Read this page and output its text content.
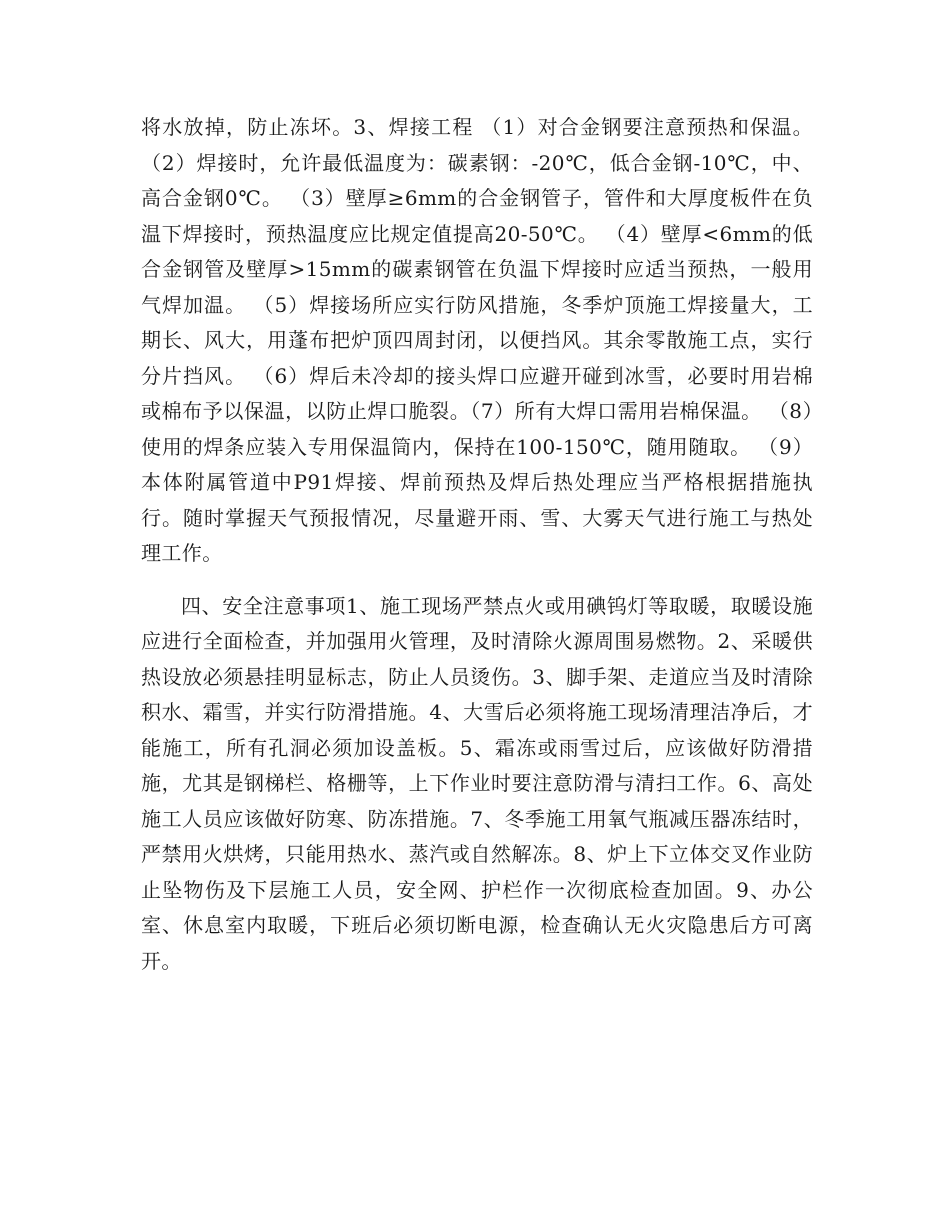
将水放掉，防止冻坏。3、焊接工程 （1）对合金钢要注意预热和保温。 （2）焊接时，允许最低温度为：碳素钢：-20℃，低合金钢-10℃，中、高合金钢0℃。 （3）壁厚≥6mm的合金钢管子，管件和大厚度板件在负温下焊接时，预热温度应比规定值提高20-50℃。 （4）壁厚<6mm的低合金钢管及壁厚>15mm的碳素钢管在负温下焊接时应适当预热，一般用气焊加温。 （5）焊接场所应实行防风措施，冬季炉顶施工焊接量大，工期长、风大，用蓬布把炉顶四周封闭，以便挡风。其余零散施工点，实行分片挡风。 （6）焊后未冷却的接头焊口应避开碰到冰雪，必要时用岩棉或棉布予以保温，以防止焊口脆裂。（7）所有大焊口需用岩棉保温。 （8）使用的焊条应装入专用保温筒内，保持在100-150℃，随用随取。 （9）本体附属管道中P91焊接、焊前预热及焊后热处理应当严格根据措施执行。随时掌握天气预报情况，尽量避开雨、雪、大雾天气进行施工与热处理工作。

四、安全注意事项1、施工现场严禁点火或用碘钨灯等取暖，取暖设施应进行全面检查，并加强用火管理，及时清除火源周围易燃物。2、采暖供热设放必须悬挂明显标志，防止人员烫伤。3、脚手架、走道应当及时清除积水、霜雪，并实行防滑措施。4、大雪后必须将施工现场清理洁净后，才能施工，所有孔洞必须加设盖板。5、霜冻或雨雪过后，应该做好防滑措施，尤其是钢梯栏、格栅等，上下作业时要注意防滑与清扫工作。6、高处施工人员应该做好防寒、防冻措施。7、冬季施工用氧气瓶减压器冻结时，严禁用火烘烤，只能用热水、蒸汽或自然解冻。8、炉上下立体交叉作业防止坠物伤及下层施工人员，安全网、护栏作一次彻底检查加固。9、办公室、休息室内取暖，下班后必须切断电源，检查确认无火灾隐患后方可离开。
